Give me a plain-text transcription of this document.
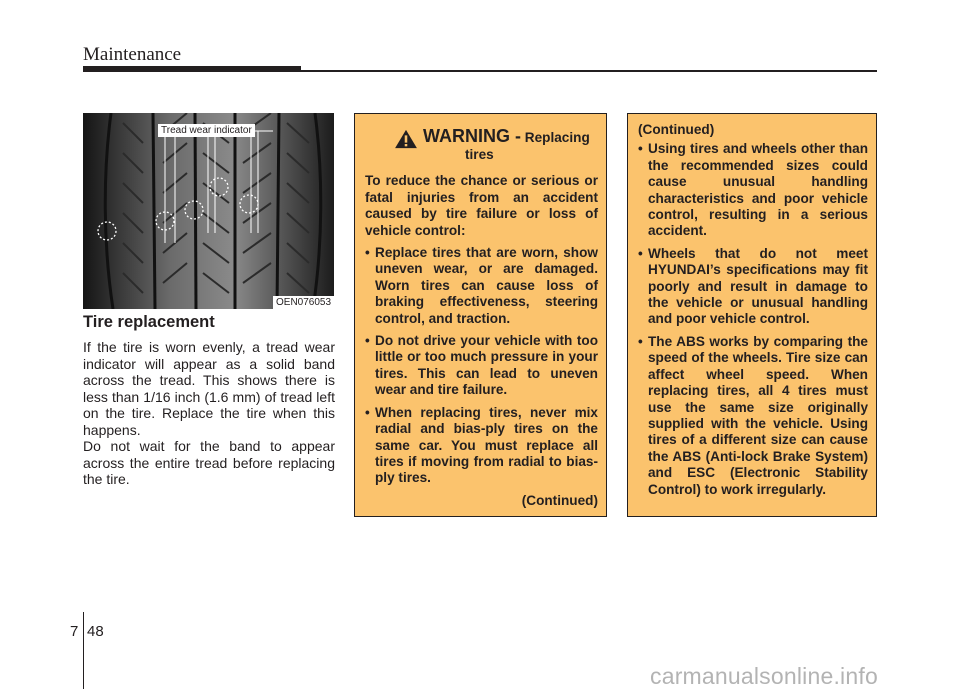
Maintenance
Tread wear indicator
OEN076053
Tire replacement

If the tire is worn evenly, a tread wear indicator will appear as a solid band across the tread. This shows there is less than 1/16 inch (1.6 mm) of tread left on the tire. Replace the tire when this happens.

Do not wait for the band to appear across the entire tread before replacing the tire.

WARNING - Replacing
tires

To reduce the chance or serious or fatal injuries from an accident caused by tire failure or loss of vehicle control:

• Replace tires that are worn, show uneven wear, or are damaged. Worn tires can cause loss of braking effectiveness, steering control, and traction.
• Do not drive your vehicle with too little or too much pressure in your tires. This can lead to uneven wear and tire failure.
• When replacing tires, never mix radial and bias-ply tires on the same car. You must replace all tires if moving from radial to bias-ply tires.
(Continued)
(Continued)
• Using tires and wheels other than the recommended sizes could cause unusual handling characteristics and poor vehicle control, resulting in a serious accident.
• Wheels that do not meet HYUNDAI’s specifications may fit poorly and result in damage to the vehicle or unusual handling and poor vehicle control.
• The ABS works by comparing the speed of the wheels. Tire size can affect wheel speed. When replacing tires, all 4 tires must use the same size originally supplied with the vehicle. Using tires of a different size can cause the ABS (Anti-lock Brake System) and ESC (Electronic Stability Control) to work irregularly.
7 48
carmanualsonline.info
